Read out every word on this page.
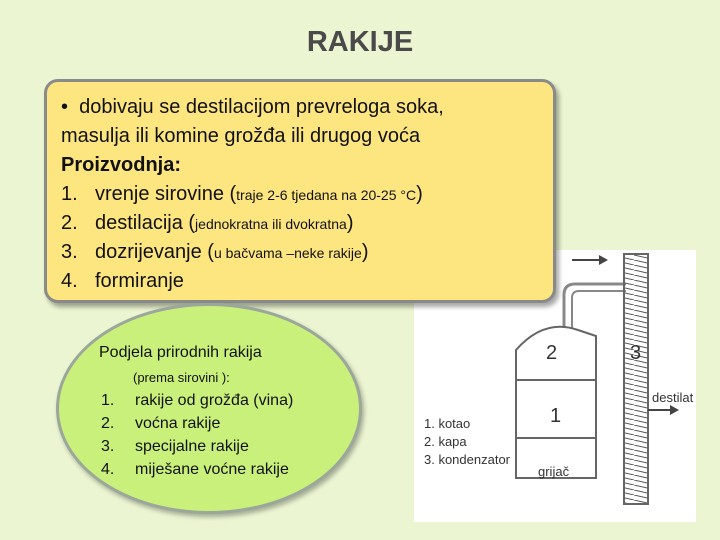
RAKIJE
2
1
3
1. kotao
2. kapa
3. kondenzator
grijač
destilat
• dobivaju se destilacijom prevreloga soka,
masulja ili komine grožđa ili drugog voća
Proizvodnja:
1. vrenje sirovine (traje 2-6 tjedana na 20-25 °C)
2. destilacija (jednokratna ili dvokratna)
3. dozrijevanje (u bačvama –neke rakije)
4. formiranje
Podjela prirodnih rakija
(prema sirovini ):
1. rakije od grožđa (vina)
2. voćna rakije
3. specijalne rakije
4. miješane voćne rakije
